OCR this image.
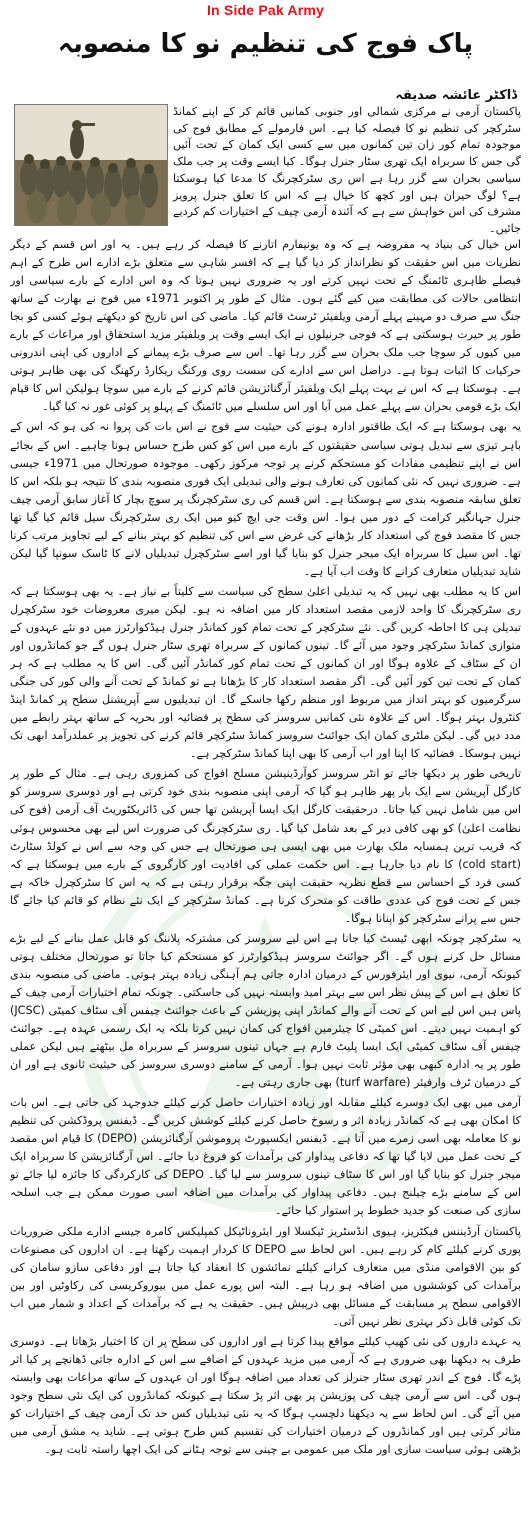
In Side Pak Army
پاک فوج کی تنظیم نو کا منصوبہ
ڈاکٹر عائشہ صدیقہ
پاکستان آرمی نے مرکزی شمالی اور جنوبی کمانیں قائم کر کے اپنے کمانڈ سٹرکچر کی تنظیم نو کا فیصلہ کیا ہے۔ اس فارمولے کے مطابق فوج کی موجودہ تمام کور زان تین کمانوں میں سے کسی ایک کمان کے تحت آئیں گی جس کا سربراہ ایک تھری سٹار جنرل ہوگا۔ کیا ایسے وقت پر جب ملک سیاسی بحران سے گزر رہا ہے اس ری سٹرکچرنگ کا مدعا کیا ہوسکتا ہے؟ لوگ حیران ہیں اور کچھ کا خیال ہے کہ اس کا تعلق جنرل پرویز مشرف کی اس خواہش سے ہے کہ آئندہ آرمی چیف کے اختیارات کم کردیے جائیں۔

اس خیال کی بنیاد یہ مفروضہ ہے کہ وہ یونیفارم اتارنے کا فیصلہ کر رہے ہیں۔ یہ اور اس قسم کے دیگر نظریات میں اس حقیقت کو نظرانداز کر دیا گیا ہے کہ افسر شاہی سے متعلق بڑے ادارے اس طرح کے اہم فیصلے ظاہری ٹائمنگ کے تحت نہیں کرتے اور یہ ضروری نہیں ہوتا کہ وہ اس ادارے کے بارے سیاسی اور انتظامی حالات کی مطابقت میں کیے گئے ہوں۔ مثال کے طور پر اکتوبر 1971ء میں فوج نے بھارت کے ساتھ جنگ سے صرف دو مہینے پہلے آرمی ویلفیئر ٹرسٹ قائم کیا۔ ماضی کی اس تاریخ کو دیکھتے ہوئے کسی کو بجا طور پر حیرت ہوسکتی ہے کہ فوجی جرنیلوں نے ایک ایسے وقت پر ویلفیئر مزید استحقاق اور مراعات کے بارے میں کیوں کر سوچا جب ملک بحران سے گزر رہا تھا۔ اس سے صرف بڑے پیمانے کے اداروں کی اپنی اندرونی حرکیات کا اثبات ہوتا ہے۔ دراصل اس سے ادارے کی سست روی ورکنگ ریکارڈ رکھنگ کی بھی ظاہر ہوتی ہے۔ ہوسکتا ہے کہ اس نے بہت پہلے ایک ویلفیئر آرگنائزیشن قائم کرنے کے بارے میں سوچا ہولیکن اس کا قیام ایک بڑے قومی بحران سے پہلے عمل میں آیا اور اس سلسلے میں ٹائمنگ کے پہلو پر کوئی غور نہ کیا گیا۔

یہ بھی ہوسکتا ہے کہ ایک طاقتور ادارہ ہونے کی حیثیت سے فوج نے اس بات کی پروا نہ کی ہو کہ اس کے باہر تیزی سے تبدیل ہوتی سیاسی حقیقتوں کے بارے میں اس کو کس طرح حساس ہونا چاہیے۔ اس کے بجائے اس نے اپنے تنظیمی مفادات کو مستحکم کرنے پر توجہ مرکوز رکھی۔ موجودہ صورتحال میں 1971ء جیسی ہے۔ ضروری نہیں کہ نئی کمانوں کی تعارف ہونے والی تبدیلی ایک فوری منصوبہ بندی کا نتیجہ ہو بلکہ اس کا تعلق سابقہ منصوبہ بندی سے ہوسکتا ہے۔ اس قسم کی ری سٹرکچرنگ پر سوچ بچار کا آغاز سابق آرمی چیف جنرل جہانگیر کرامت کے دور میں ہوا۔ اس وقت جی ایچ کیو میں ایک ری سٹرکچرنگ سیل قائم کیا گیا تھا جس کا مقصد فوج کی استعداد کار بڑھانے کی غرض سے اس کی تنظیم کو بہتر بنانے کے لیے تجاویز مرتب کرنا تھا۔ اس سیل کا سربراہ ایک میجر جنرل کو بنایا گیا اور اسے سٹرکچرل تبدیلیاں لانے کا ٹاسک سونپا گیا لیکن شاید تبدیلیاں متعارف کرانے کا وقت اب آیا ہے۔

اس کا یہ مطلب بھی نہیں کہ یہ تبدیلی اعلیٰ سطح کی سیاست سے کلیتاً بے نیاز ہے۔ یہ بھی ہوسکتا ہے کہ ری سٹرکچرنگ کا واحد لازمی مقصد استعداد کار میں اضافہ نہ ہو۔ لیکن میری معروضات خود سٹرکچرل تبدیلی ہی کا احاطہ کریں گی۔ نئے سٹرکچر کے تحت تمام کور کمانڈر جنرل ہیڈکوارٹرز میں دو نئے عہدوں کے متوازی کمانڈ سٹرکچر وجود میں آئے گا۔ تینوں کمانوں کے سربراہ تھری سٹار جنرل ہوں گے جو کمانڈروں اور ان کے سٹاف کے علاوہ ہوگا اور ان کمانوں کے تحت تمام کور کمانڈر آئیں گی۔ اس کا یہ مطلب ہے کہ ہر کمان کے تحت تین کور آئیں گی۔ اگر مقصد استعداد کار کا بڑھانا ہے تو کمانڈ کے تحت آنے والی کور کی جنگی سرگرمیوں کو بہتر انداز میں مربوط اور منظم رکھا جاسکے گا۔ ان تبدیلیوں سے آپریشنل سطح پر کمانڈ اینڈ کنٹرول بہتر ہوگا۔ اس کے علاوہ نئی کمانیں سروسز کی سطح پر فضائیہ اور بحریہ کے ساتھ بہتر رابطے میں مدد دیں گی۔ لیکن ملٹری کمان ایک جوائنٹ سروسز کمانڈ سٹرکچر قائم کرنے کی تجویز پر عملدرآمد ابھی تک نہیں ہوسکا۔ فضائیہ کا اپنا اور اب آرمی کا بھی اپنا کمانڈ سٹرکچر ہے۔

تاریخی طور پر دیکھا جائے تو انٹر سروسز کوآرڈینیشن مسلح افواج کی کمزوری رہی ہے۔ مثال کے طور پر کارگل آپریشن سے ایک بار پھر ظاہر ہو گیا کہ آرمی اپنی منصوبہ بندی خود کرتی ہے اور دوسری سروسز کو اس میں شامل نہیں کیا جاتا۔ درحقیقت کارگل ایک ایسا آپریشن تھا جس کی ڈائریکٹوریٹ آف آرمی (فوج کی نظامت اعلیٰ) کو بھی کافی دیر کے بعد شامل کیا گیا۔ ری سٹرکچرنگ کی ضرورت اس لیے بھی محسوس ہوئی کہ قریب ترین ہمسایہ ملک بھارت میں بھی ایسی ہی صورتحال ہے جس کی وجہ سے اس نے کولڈ سٹارٹ (cold start) کا نام دیا جارہا ہے۔ اس حکمت عملی کی افادیت اور کارگروی کے بارے میں ہوسکتا ہے کہ کسی فرد کے احساس سے قطع نظریہ حقیقت اپنی جگہ برقرار رہتی ہے کہ یہ اس کا سٹرکچرل خاکہ ہے جس کے تحت فوج کی عددی طاقت کو متحرک کرنا ہے۔ کمانڈ سٹرکچر کے ایک نئے نظام کو قائم کیا جائے گا جس سے پرانے سٹرکچر کو اپنانا ہوگا۔

یہ سٹرکچر چونکہ ابھی ٹیسٹ کیا جانا ہے اس لیے سروسز کی مشترکہ پلاننگ کو قابل عمل بنانے کے لیے بڑے مسائل حل کرنے ہوں گے۔ اگر جوائنٹ سروسز ہیڈکوارٹرز کو مستحکم کیا جاتا تو صورتحال مختلف ہوتی کیونکہ آرمی، نیوی اور ایئرفورس کے درمیان ادارہ جاتی ہم آہنگی زیادہ بہتر ہوتی۔ ماضی کی منصوبہ بندی کا تعلق ہے اس کے پیش نظر اس سے بہتر امید وابستہ نہیں کی جاسکتی۔ چونکہ تمام اختیارات آرمی چیف کے پاس ہیں اس لیے اس کے تحت آنے والے کمانڈر اپنی پوزیشن کے باعث جوائنٹ چیفس آف سٹاف کمیٹی (JCSC) کو اہمیت نہیں دیتے۔ اس کمیٹی کا چیئرمین افواج کی کمان نہیں کرتا بلکہ یہ ایک رسمی عہدہ ہے۔ جوائنٹ چیفس آف سٹاف کمیٹی ایک ایسا پلیٹ فارم ہے جہاں تینوں سروسز کے سربراہ مل بیٹھتے ہیں لیکن عملی طور پر یہ ادارہ کبھی بھی مؤثر ثابت نہیں ہوا۔ آرمی کے سامنے دوسری سروسز کی حیثیت ثانوی ہے اور ان کے درمیان ٹرف وارفیئر (turf warfare) بھی جاری رہتی ہے۔

آرمی میں بھی ایک دوسرے کیلئے مقابلہ اور زیادہ اختیارات حاصل کرنے کیلئے جدوجہد کی جاتی ہے۔ اس بات کا امکان بھی ہے کہ کمانڈر زیادہ اثر و رسوخ حاصل کرنے کیلئے کوشش کریں گے۔ ڈیفنس پروڈکشن کی تنظیم نو کا معاملہ بھی اسی زمرے میں آتا ہے۔ ڈیفنس ایکسپورٹ پروموشن آرگنائزیشن (DEPO) کا قیام اس مقصد کے تحت عمل میں لایا گیا تھا کہ دفاعی پیداوار کی برآمدات کو فروغ دیا جائے۔ اس آرگنائزیشن کا سربراہ ایک میجر جنرل کو بنایا گیا اور اس کا سٹاف تینوں سروسز سے لیا گیا۔ DEPO کی کارکردگی کا جائزہ لیا جائے تو اس کے سامنے بڑے چیلنج ہیں۔ دفاعی پیداوار کی برآمدات میں اضافہ اسی صورت ممکن ہے جب اسلحہ سازی کی صنعت کو جدید خطوط پر استوار کیا جائے۔

پاکستان آرڈیننس فیکٹریز، ہیوی انڈسٹریز ٹیکسلا اور ایئروناٹیکل کمپلیکس کامرہ جیسے ادارے ملکی ضروریات پوری کرنے کیلئے کام کر رہے ہیں۔ اس لحاظ سے DEPO کا کردار اہمیت رکھتا ہے۔ ان اداروں کی مصنوعات کو بین الاقوامی منڈی میں متعارف کرانے کیلئے نمائشوں کا انعقاد کیا جاتا ہے اور دفاعی سازو سامان کی برآمدات کی کوششوں میں اضافہ ہو رہا ہے۔ البتہ اس پورے عمل میں بیوروکریسی کی رکاوٹیں اور بین الاقوامی سطح پر مسابقت کے مسائل بھی درپیش ہیں۔ حقیقت یہ ہے کہ برآمدات کے اعداد و شمار میں اب تک کوئی قابل ذکر بہتری نظر نہیں آتی۔

یہ عہدے داروں کی نئی کھیپ کیلئے مواقع پیدا کرتا ہے اور اداروں کی سطح پر ان کا اختیار بڑھاتا ہے۔ دوسری طرف یہ دیکھنا بھی ضروری ہے کہ آرمی میں مزید عہدوں کے اضافے سے اس کے ادارہ جاتی ڈھانچے پر کیا اثر پڑے گا۔ فوج کے اندر تھری سٹار جنرلز کی تعداد میں اضافہ ہوگا اور ان عہدوں کے ساتھ مراعات بھی وابستہ ہوں گی۔ اس سے آرمی چیف کی پوزیشن پر بھی اثر پڑ سکتا ہے کیونکہ کمانڈروں کی ایک نئی سطح وجود میں آئے گی۔ اس لحاظ سے یہ دیکھنا دلچسپ ہوگا کہ یہ نئی تبدیلیاں کس حد تک آرمی چیف کے اختیارات کو متاثر کرتی ہیں اور کمانڈروں کے درمیان اختیارات کی تقسیم کس طرح ہوتی ہے۔ شاید یہ مشق آرمی میں بڑھتی ہوئی سیاست سازی اور ملک میں عمومی بے چینی سے توجہ ہٹانے کی ایک اچھا راستہ ثابت ہو۔
